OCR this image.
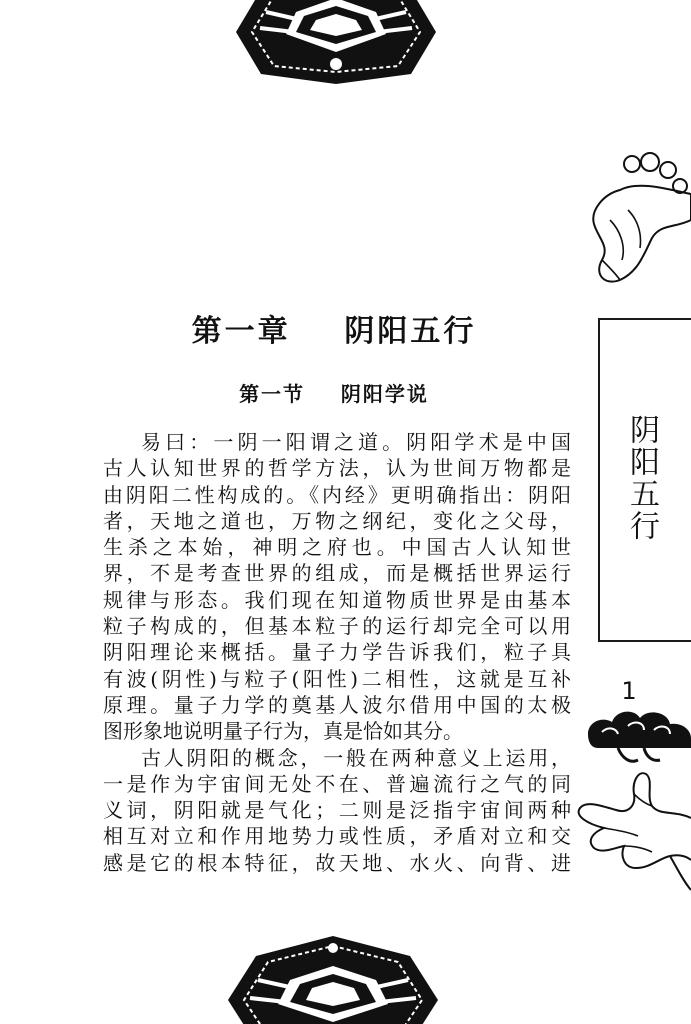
第一章    阴阳五行
第一节    阴阳学说
易曰：一阴一阳谓之道。阴阳学术是中国
古人认知世界的哲学方法，认为世间万物都是
由阴阳二性构成的。《内经》更明确指出：阴阳
者，天地之道也，万物之纲纪，变化之父母，
生杀之本始，神明之府也。中国古人认知世
界，不是考查世界的组成，而是概括世界运行
规律与形态。我们现在知道物质世界是由基本
粒子构成的，但基本粒子的运行却完全可以用
阴阳理论来概括。量子力学告诉我们，粒子具
有波(阴性)与粒子(阳性)二相性，这就是互补
原理。量子力学的奠基人波尔借用中国的太极
图形象地说明量子行为，真是恰如其分。
古人阴阳的概念，一般在两种意义上运用，
一是作为宇宙间无处不在、普遍流行之气的同
义词，阴阳就是气化；二则是泛指宇宙间两种
相互对立和作用地势力或性质，矛盾对立和交
感是它的根本特征，故天地、水火、向背、进
阴阳五行
1
